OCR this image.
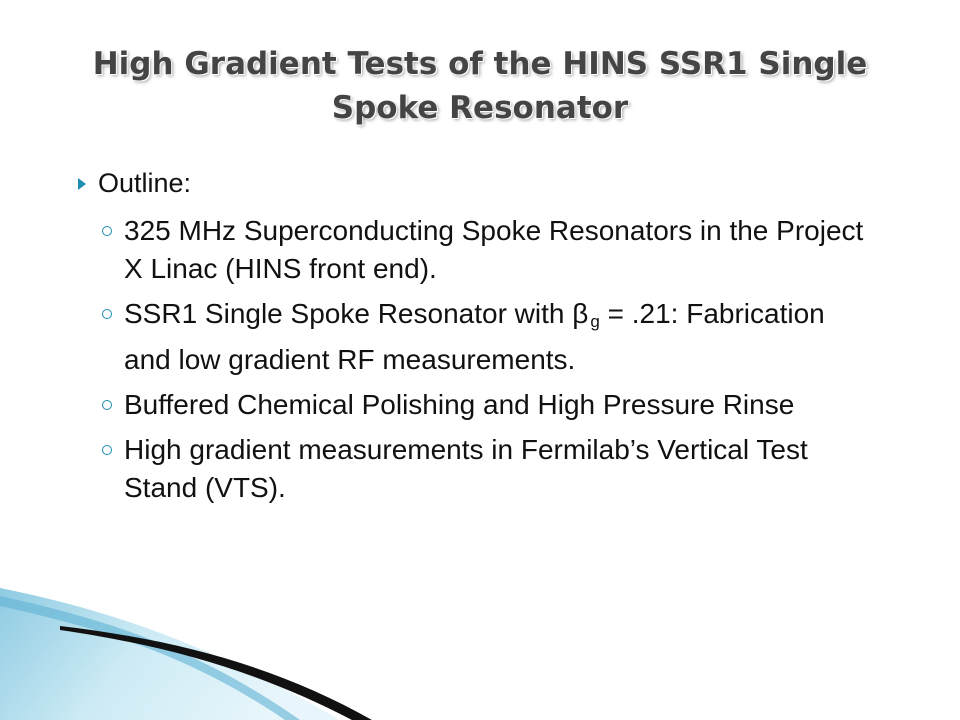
High Gradient Tests of the HINS SSR1 Single Spoke Resonator
Outline:
325 MHz Superconducting Spoke Resonators in the Project X Linac (HINS front end).
SSR1 Single Spoke Resonator with β $_g$ = .21: Fabrication and low gradient RF measurements.
Buffered Chemical Polishing and High Pressure Rinse
High gradient measurements in Fermilab’s Vertical Test Stand (VTS).
